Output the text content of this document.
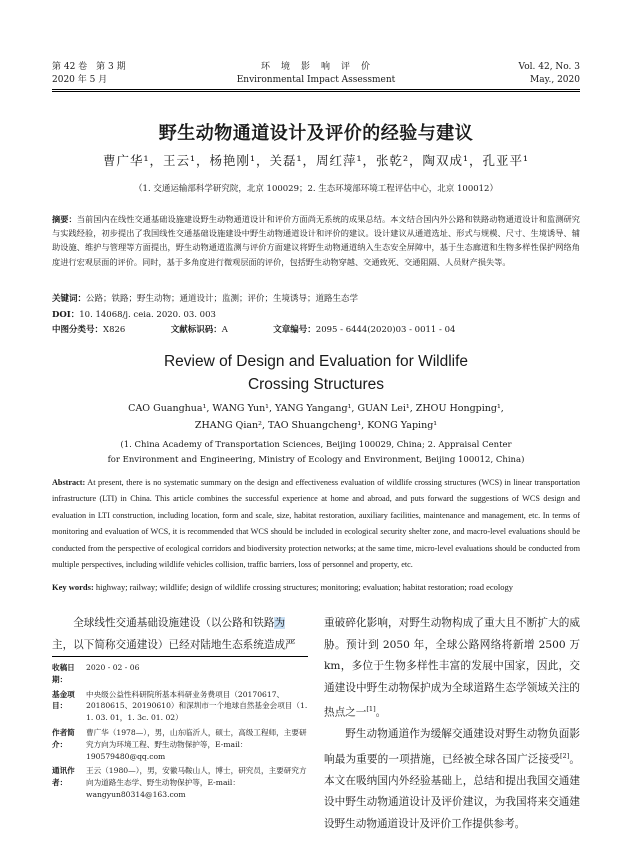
第 42 卷　第 3 期
2020 年 5 月
环　境　影　响　评　价
Environmental Impact Assessment
Vol. 42, No. 3
May., 2020
野生动物通道设计及评价的经验与建议
曹广华¹，王云¹，杨艳刚¹，关磊¹，周红萍¹，张乾²，陶双成¹，孔亚平¹
（1. 交通运输部科学研究院，北京 100029；2. 生态环境部环境工程评估中心，北京 100012）
摘要：当前国内在线性交通基础设施建设野生动物通道设计和评价方面尚无系统的成果总结。本文结合国内外公路和铁路动物通道设计和监测研究与实践经验，初步提出了我国线性交通基础设施建设中野生动物通道设计和评价的建议。设计建议从通道选址、形式与规模、尺寸、生境诱导、辅助设施、维护与管理等方面提出，野生动物通道监测与评价方面建议将野生动物通道纳入生态安全屏障中，基于生态廊道和生物多样性保护网络角度进行宏观层面的评价。同时，基于多角度进行微观层面的评价，包括野生动物穿越、交通致死、交通阻隔、人员财产损失等。
关键词：公路；铁路；野生动物；通道设计；监测；评价；生境诱导；道路生态学
DOI：10. 14068/j. ceia. 2020. 03. 003
中图分类号：X826	文献标识码：A	文章编号：2095 - 6444(2020)03 - 0011 - 04
Review of Design and Evaluation for Wildlife
Crossing Structures
CAO Guanghua¹, WANG Yun¹, YANG Yangang¹, GUAN Lei¹, ZHOU Hongping¹,
ZHANG Qian², TAO Shuangcheng¹, KONG Yaping¹
(1. China Academy of Transportation Sciences, Beijing 100029, China; 2. Appraisal Center
for Environment and Engineering, Ministry of Ecology and Environment, Beijing 100012, China)
Abstract: At present, there is no systematic summary on the design and effectiveness evaluation of wildlife crossing structures (WCS) in linear transportation infrastructure (LTI) in China. This article combines the successful experience at home and abroad, and puts forward the suggestions of WCS design and evaluation in LTI construction, including location, form and scale, size, habitat restoration, auxiliary facilities, maintenance and management, etc. In terms of monitoring and evaluation of WCS, it is recommended that WCS should be included in ecological security shelter zone, and macro-level evaluations should be conducted from the perspective of ecological corridors and biodiversity protection networks; at the same time, micro-level evaluations should be conducted from multiple perspectives, including wildlife vehicles collision, traffic barriers, loss of personnel and property, etc.
Key words: highway; railway; wildlife; design of wildlife crossing structures; monitoring; evaluation; habitat restoration; road ecology

全球线性交通基础设施建设（以公路和铁路为
主，以下简称交通建设）已经对陆地生态系统造成严

收稿日期：
2020 - 02 - 06
基金项目：
中央级公益性科研院所基本科研业务费项目（20170617、20180615、20190610）和深圳市一个地球自然基金会项目（1. 1. 03. 01，1. 3c. 01. 02）
作者简介：
曹广华（1978—），男，山东临沂人，硕士，高级工程师，主要研究方向为环境工程、野生动物保护等，E-mail：190579480@qq.com
通讯作者：
王云（1980—），男，安徽马鞍山人，博士，研究员，主要研究方向为道路生态学、野生动物保护等，E-mail：wangyun80314@163.com

重破碎化影响，对野生动物构成了重大且不断扩大的威胁。预计到 2050 年，全球公路网络将新增 2500 万 km，多位于生物多样性丰富的发展中国家，因此，交通建设中野生动物保护成为全球道路生态学领域关注的热点之一[1]。

野生动物通道作为缓解交通建设对野生动物负面影响最为重要的一项措施，已经被全球各国广泛接受[2]。本文在吸纳国内外经验基础上，总结和提出我国交通建设中野生动物通道设计及评价建议，为我国将来交通建设野生动物通道设计及评价工作提供参考。
